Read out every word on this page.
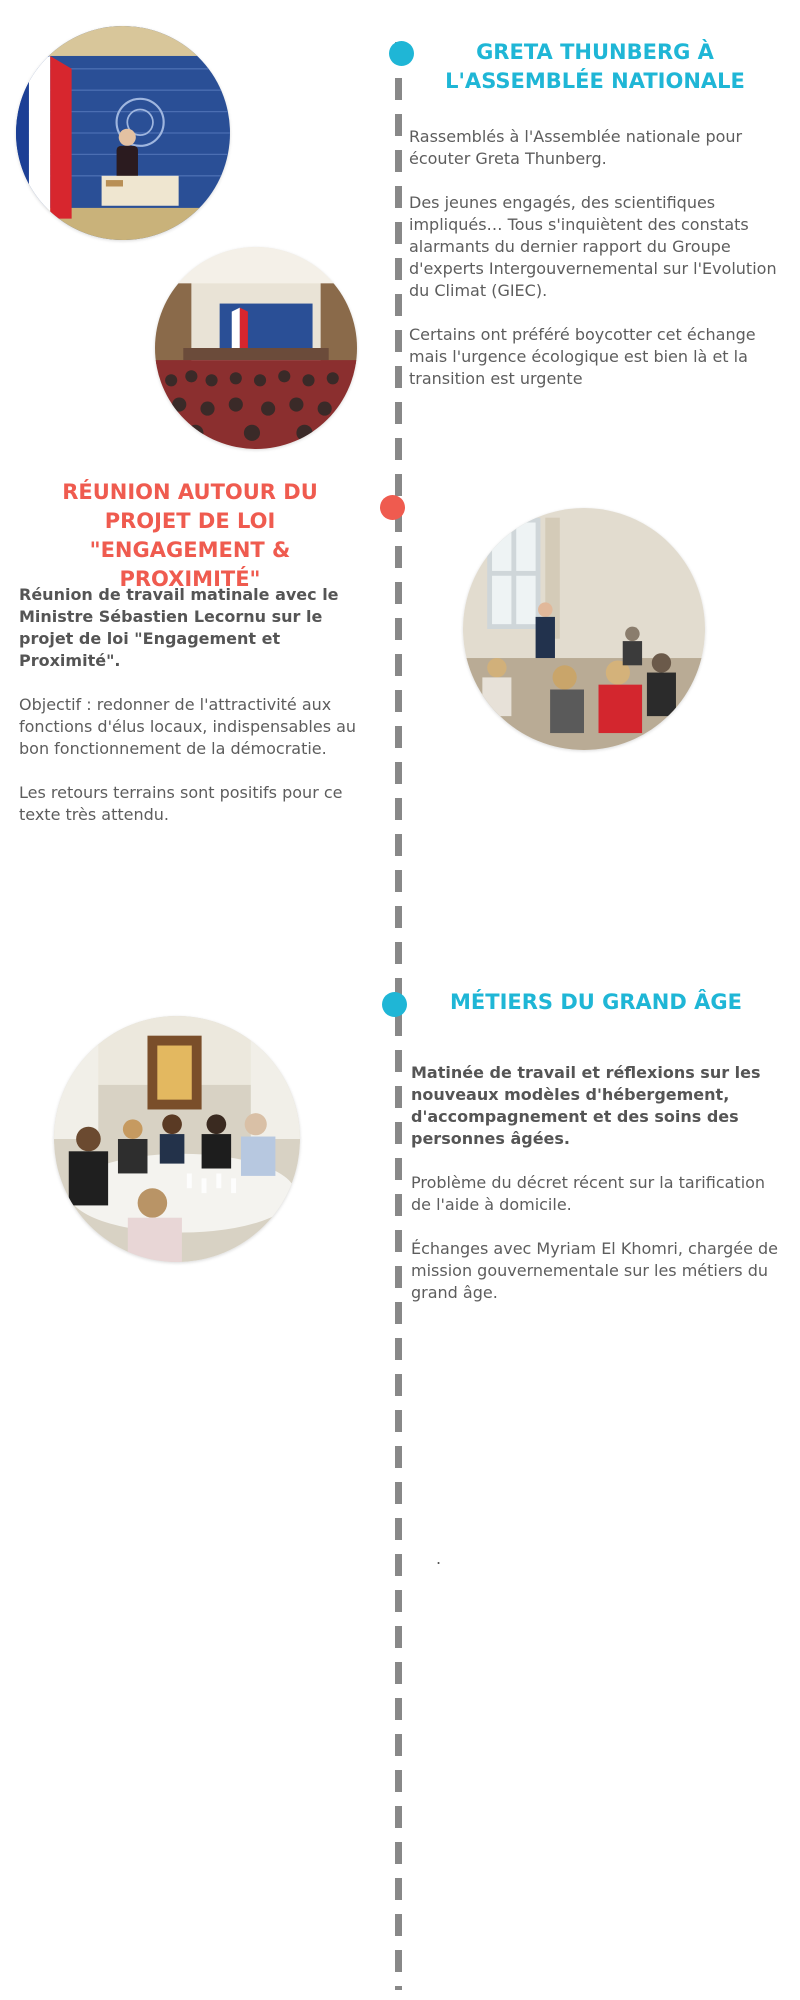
GRETA THUNBERG À L'ASSEMBLÉE NATIONALE

Rassemblés à l'Assemblée nationale pour écouter Greta Thunberg.

Des jeunes engagés, des scientifiques impliqués… Tous s'inquiètent des constats alarmants du dernier rapport du Groupe d'experts Intergouvernemental sur l'Evolution du Climat (GIEC).

Certains ont préféré boycotter cet échange mais l'urgence écologique est bien là et la transition est urgente

RÉUNION AUTOUR DU PROJET DE LOI "ENGAGEMENT & PROXIMITÉ"

Réunion de travail matinale avec le Ministre Sébastien Lecornu sur le projet de loi "Engagement et Proximité".

Objectif : redonner de l'attractivité aux fonctions d'élus locaux, indispensables au bon fonctionnement de la démocratie.

Les retours terrains sont positifs pour ce texte très attendu.

MÉTIERS DU GRAND ÂGE

Matinée de travail et réflexions sur les nouveaux modèles d'hébergement, d'accompagnement et des soins des personnes âgées.

Problème du décret récent sur la tarification de l'aide à domicile.

Échanges avec Myriam El Khomri, chargée de mission gouvernementale sur les métiers du grand âge.

.
